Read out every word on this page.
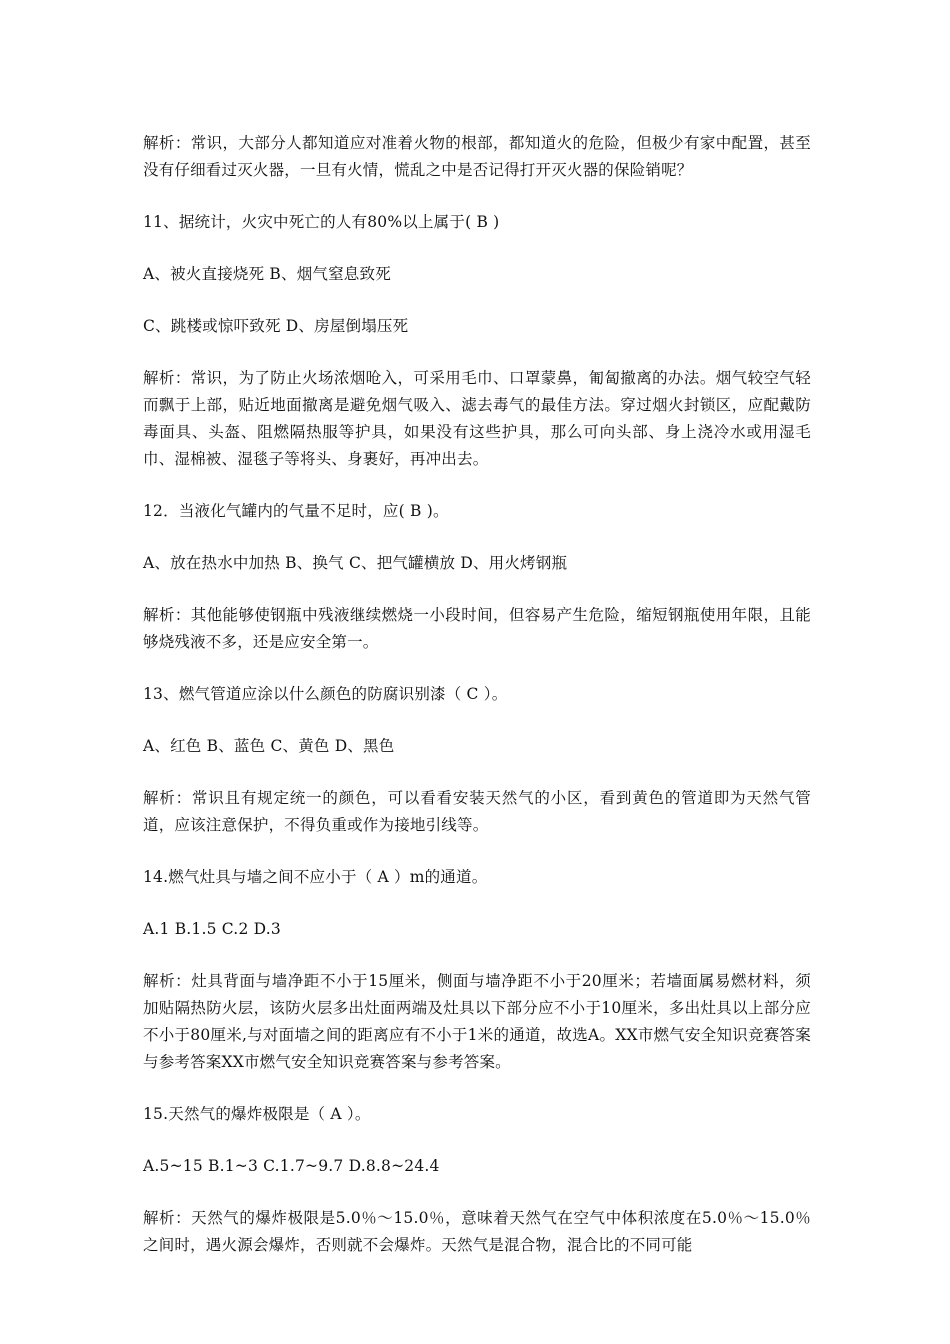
解析：常识，大部分人都知道应对准着火物的根部，都知道火的危险，但极少有家中配置，甚至没有仔细看过灭火器，一旦有火情，慌乱之中是否记得打开灭火器的保险销呢？

11、据统计，火灾中死亡的人有80%以上属于( B )

A、被火直接烧死 B、烟气窒息致死

C、跳楼或惊吓致死 D、房屋倒塌压死

解析：常识，为了防止火场浓烟呛入，可采用毛巾、口罩蒙鼻，匍匐撤离的办法。烟气较空气轻而飘于上部，贴近地面撤离是避免烟气吸入、滤去毒气的最佳方法。穿过烟火封锁区，应配戴防毒面具、头盔、阻燃隔热服等护具，如果没有这些护具，那么可向头部、身上浇冷水或用湿毛巾、湿棉被、湿毯子等将头、身裹好，再冲出去。

12．当液化气罐内的气量不足时，应( B )。

A、放在热水中加热 B、换气 C、把气罐横放 D、用火烤钢瓶

解析：其他能够使钢瓶中残液继续燃烧一小段时间，但容易产生危险，缩短钢瓶使用年限，且能够烧残液不多，还是应安全第一。

13、燃气管道应涂以什么颜色的防腐识别漆（ C ）。

A、红色 B、蓝色 C、黄色 D、黑色

解析：常识且有规定统一的颜色，可以看看安装天然气的小区，看到黄色的管道即为天然气管道，应该注意保护，不得负重或作为接地引线等。

14.燃气灶具与墙之间不应小于（ A ）m的通道。

A.1 B.1.5 C.2 D.3

解析：灶具背面与墙净距不小于15厘米，侧面与墙净距不小于20厘米；若墙面属易燃材料，须加贴隔热防火层，该防火层多出灶面两端及灶具以下部分应不小于10厘米，多出灶具以上部分应不小于80厘米,与对面墙之间的距离应有不小于1米的通道，故选A。XX市燃气安全知识竞赛答案与参考答案XX市燃气安全知识竞赛答案与参考答案。

15.天然气的爆炸极限是（ A ）。

A.5~15 B.1~3 C.1.7~9.7 D.8.8~24.4

解析：天然气的爆炸极限是5.0％～15.0％，意味着天然气在空气中体积浓度在5.0％～15.0％之间时，遇火源会爆炸，否则就不会爆炸。天然气是混合物，混合比的不同可能
